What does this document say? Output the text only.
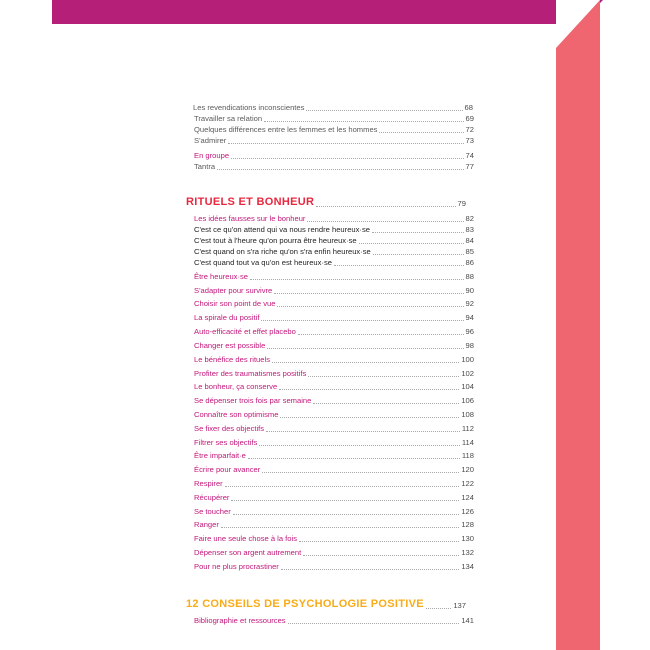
Les revendications inconscientes	68
Travailler sa relation	69
Quelques différences entre les femmes et les hommes	72
S'admirer	73
En groupe	74
Tantra	77
RITUELS ET BONHEUR	79
Les idées fausses sur le bonheur	82
C'est ce qu'on attend qui va nous rendre heureux·se	83
C'est tout à l'heure qu'on pourra être heureux·se	84
C'est quand on s'ra riche qu'on s'ra enfin heureux·se	85
C'est quand tout va qu'on est heureux·se	86
Être heureux·se	88
S'adapter pour survivre	90
Choisir son point de vue	92
La spirale du positif	94
Auto-efficacité et effet placebo	96
Changer est possible	98
Le bénéfice des rituels	100
Profiter des traumatismes positifs	102
Le bonheur, ça conserve	104
Se dépenser trois fois par semaine	106
Connaître son optimisme	108
Se fixer des objectifs	112
Filtrer ses objectifs	114
Être imparfait·e	118
Écrire pour avancer	120
Respirer	122
Récupérer	124
Se toucher	126
Ranger	128
Faire une seule chose à la fois	130
Dépenser son argent autrement	132
Pour ne plus procrastiner	134
12 CONSEILS DE PSYCHOLOGIE POSITIVE	137
Bibliographie et ressources	141
